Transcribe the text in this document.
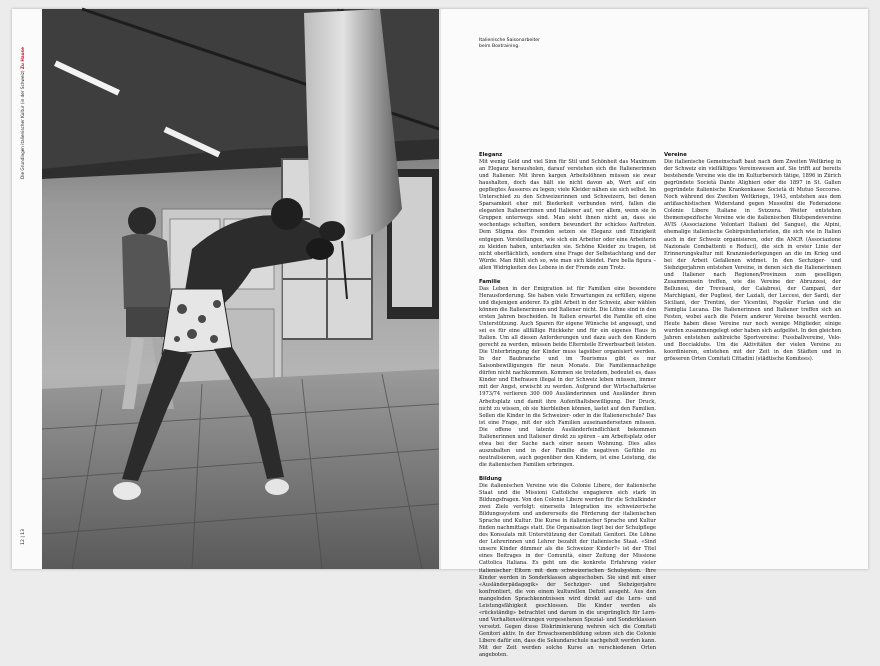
Die Grundlagen italienischer Kultur (in der Schweiz) Zu Hause
12 | 13
Italienische Saisonarbeiter
beim Boxtraining.
Eleganz

Mit wenig Geld und viel Sinn für Stil und Schönheit das Maximum an Eleganz herausholen, darauf verstehen sich die Italienerinnen und Italiener. Mit ihren kargen Arbeitslöhnen müssen sie zwar haushalten, doch das hält sie nicht davon ab, Wert auf ein gepflegtes Äusseres zu legen; viele Kleider nähen sie sich selbst. Im Unterschied zu den Schweizerinnen und Schweizern, bei denen Sparsamkeit eher mit Biederkeit verbunden wird, fallen die eleganten Italienerinnen und Italiener auf, vor allem, wenn sie in Gruppen unterwegs sind. Man sieht ihnen nicht an, dass sie wochentags schuften, sondern bewundert ihr schickes Auftreten. Dem Stigma des Fremden setzen sie Eleganz und Einzigkeit entgegen. Vorstellungen, wie sich ein Arbeiter oder eine Arbeiterin zu kleiden haben, unterlaufen sie. Schöne Kleider zu tragen, ist nicht oberflächlich, sondern eine Frage der Selbstachtung und der Würde. Man fühlt sich so, wie man sich kleidet. Fare bella figura – allen Widrigkeiten des Lebens in der Fremde zum Trotz.

Familie

Das Leben in der Emigration ist für Familien eine besondere Herausforderung. Sie haben viele Erwartungen zu erfüllen, eigene und diejenigen anderer. Es gibt Arbeit in der Schweiz, aber wählen können die Italienerinnen und Italiener nicht. Die Löhne sind in den ersten Jahren bescheiden. In Italien erwartet die Familie oft eine Unterstützung. Auch Sparen für eigene Wünsche ist angesagt, und sei es für eine allfällige Rückkehr und für ein eigenes Haus in Italien. Um all diesen Anforderungen und dazu auch den Kindern gerecht zu werden, müssen beide Elternteile Erwerbsarbeit leisten. Die Unterbringung der Kinder muss tagsüber organisiert werden. In der Baubranche und im Tourismus gibt es nur Saisonbewilligungen für neun Monate. Die Familiennachzüge dürfen nicht nachkommen. Kommen sie trotzdem, bedeutet es, dass Kinder und Ehefrauen illegal in der Schweiz leben müssen, immer mit der Angst, erwischt zu werden. Aufgrund der Wirtschaftskrise 1973/74 verlieren 300 000 Ausländerinnen und Ausländer ihren Arbeitsplatz und damit ihre Aufenthaltsbewilligung. Der Druck, nicht zu wissen, ob sie hierbleiben können, lastet auf den Familien. Sollen die Kinder in die Schweizer- oder in die Italienerschule? Das ist eine Frage, mit der sich Familien auseinandersetzen müssen. Die offene und latente Ausländerfeindlichkeit bekommen Italienerinnen und Italiener direkt zu spüren – am Arbeitsplatz oder etwa bei der Suche nach einer neuen Wohnung. Dies alles auszubalten und in der Familie die negativen Gefühle zu neutralisieren, auch gegenüber den Kindern, ist eine Leistung, die die italienischen Familien erbringen.

Bildung

Die italienischen Vereine wie die Colonie Libere, der italienische Staat und die Missioni Cattoliche engagieren sich stark in Bildungsfragen. Von den Colonie Libere werden für die Schulkinder zwei Ziele verfolgt: einerseits Integration ins schweizerische Bildungssystem und andererseits die Förderung der italienischen Sprache und Kultur. Die Kurse in italienischer Sprache und Kultur finden nachmittags statt. Die Organisation liegt bei der Schulpflege des Konsulats mit Unterstützung der Comitati Genitori. Die Löhne der Lehrerinnen und Lehrer bezahlt der italienische Staat. «Sind unsere Kinder dümmer als die Schweizer Kinder?» ist der Titel eines Beitrages in der Comunità, einer Zeitung der Missione Cattolica Italiana. Es geht um die konkrete Erfahrung vieler italienischer Eltern mit dem schweizerischen Schulsystem. Ihre Kinder werden in Sonderklassen abgeschoben. Sie sind mit einer «Ausländerpädagogik» der Sechziger- und Siebzigerjahre konfrontiert, die von einem kulturellen Defizit ausgeht. Aus den mangelnden Sprachkenntnissen wird direkt auf die Lern- und Leistungsfähigkeit geschlossen. Die Kinder werden als «rückständig» betrachtet und darum in die ursprünglich für Lern- und Verhaltensstörungen vorgesehenen Spezial- und Sonderklassen versetzt. Gegen diese Diskriminierung wehren sich die Comitati Genitori aktiv. In der Erwachsenenbildung setzen sich die Colonie Libere dafür ein, dass die Sekundarschule nachgeholt werden kann. Mit der Zeit werden solche Kurse an verschiedenen Orten angeboten.

Vereine

Die italienische Gemeinschaft baut nach dem Zweiten Weltkrieg in der Schweiz ein vielfältiges Vereinswesen auf. Sie trifft auf bereits bestehende Vereine wie die im Kulturbereich tätige, 1896 in Zürich gegründete Società Dante Alighieri oder die 1897 in St. Gallen gegründete italienische Krankenkasse Società di Mutuo Soccorso. Noch während des Zweiten Weltkriegs, 1943, entstehen aus dem antifaschistischen Widerstand gegen Mussolini die Federazione Colonie Libere Italiane in Svizzera. Weiter entstehen themenspezifische Vereine wie die italienischen Blutspendevereine AVIS (Associazione Volontari Italiani del Sangue), die Alpini, ehemalige italienische Gebirgsinfanteristen, die sich wie in Italien auch in der Schweiz organisieren, oder die ANCR (Associazione Nazionale Combattenti e Reduci), die sich in erster Linie der Erinnerungskultur mit Kranzniederlegungen an die im Krieg und bei der Arbeit Gefallenen widmet. In den Sechziger- und Siebzigerjahren entstehen Vereine, in denen sich die Italienerinnen und Italiener nach Regionen/Provinzen zum geselligen Zusammensein treffen, wie die Vereine der Abruzzesi, der Bellunesi, der Trevisani, der Calabresi, der Campani, der Marchigiani, der Pugliesi, der Laziali, der Leccesi, der Sardi, der Siciliani, der Trentini, der Vicentini, Fogolâr Furlan und die Famiglia Lucana. Die Italienerinnen und Italiener treffen sich an Festen, wobei auch die Feiern anderer Vereine besucht werden. Heute haben diese Vereine nur noch wenige Mitglieder, einige wurden zusammengelegt oder haben sich aufgelöst. In den gleichen Jahren entstehen zahlreiche Sportvereine: Fussballvereine, Velo- und Bocciaklubs. Um die Aktivitäten der vielen Vereine zu koordinieren, entstehen mit der Zeit in den Städten und in grösseren Orten Comitati Cittadini (städtische Komitees).
